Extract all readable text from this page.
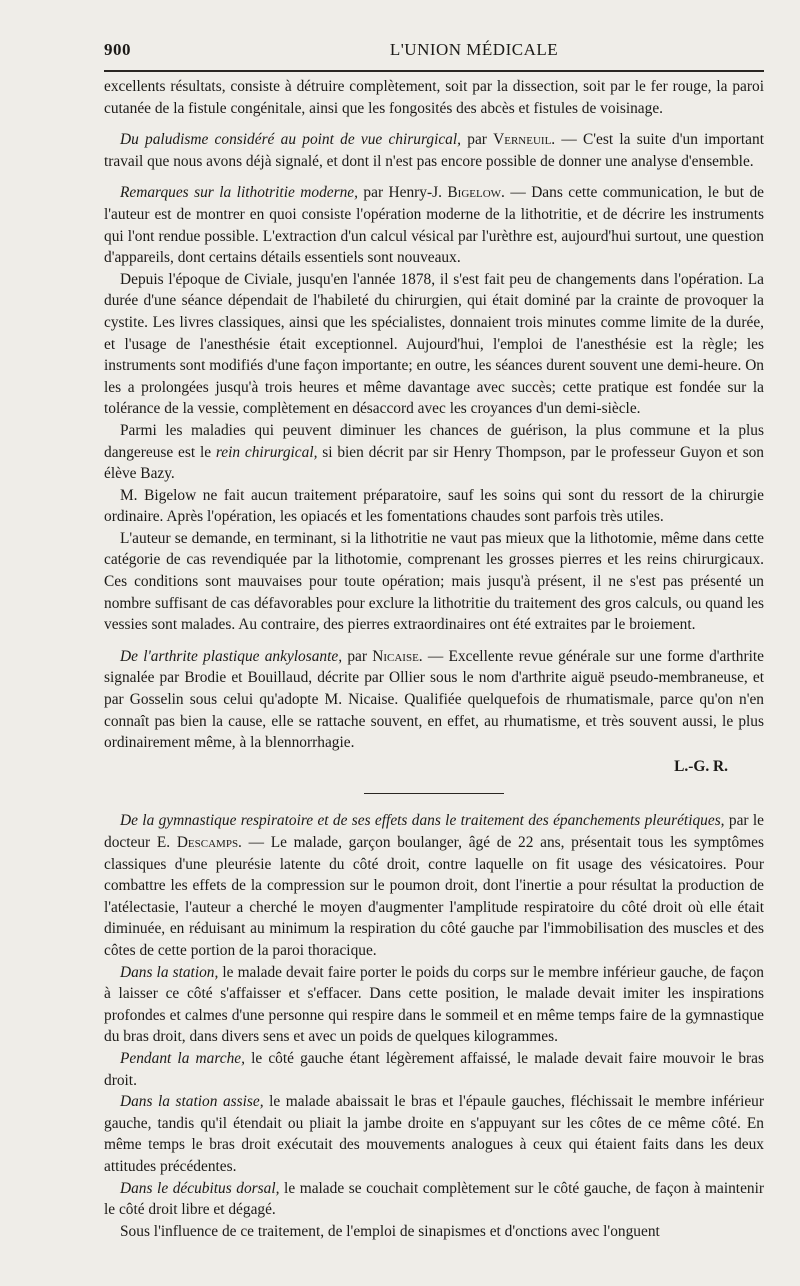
900	L'UNION MÉDICALE

excellents résultats, consiste à détruire complètement, soit par la dissection, soit par le fer rouge, la paroi cutanée de la fistule congénitale, ainsi que les fongosités des abcès et fistules de voisinage.

Du paludisme considéré au point de vue chirurgical, par Verneuil. — C'est la suite d'un important travail que nous avons déjà signalé, et dont il n'est pas encore possible de donner une analyse d'ensemble.

Remarques sur la lithotritie moderne, par Henry-J. Bigelow. — Dans cette communication, le but de l'auteur est de montrer en quoi consiste l'opération moderne de la lithotritie, et de décrire les instruments qui l'ont rendue possible. L'extraction d'un calcul vésical par l'urèthre est, aujourd'hui surtout, une question d'appareils, dont certains détails essentiels sont nouveaux.

Depuis l'époque de Civiale, jusqu'en l'année 1878, il s'est fait peu de changements dans l'opération. La durée d'une séance dépendait de l'habileté du chirurgien, qui était dominé par la crainte de provoquer la cystite. Les livres classiques, ainsi que les spécialistes, donnaient trois minutes comme limite de la durée, et l'usage de l'anesthésie était exceptionnel. Aujourd'hui, l'emploi de l'anesthésie est la règle; les instruments sont modifiés d'une façon importante; en outre, les séances durent souvent une demi-heure. On les a prolongées jusqu'à trois heures et même davantage avec succès; cette pratique est fondée sur la tolérance de la vessie, complètement en désaccord avec les croyances d'un demi-siècle.

Parmi les maladies qui peuvent diminuer les chances de guérison, la plus commune et la plus dangereuse est le rein chirurgical, si bien décrit par sir Henry Thompson, par le professeur Guyon et son élève Bazy.

M. Bigelow ne fait aucun traitement préparatoire, sauf les soins qui sont du ressort de la chirurgie ordinaire. Après l'opération, les opiacés et les fomentations chaudes sont parfois très utiles.

L'auteur se demande, en terminant, si la lithotritie ne vaut pas mieux que la lithotomie, même dans cette catégorie de cas revendiquée par la lithotomie, comprenant les grosses pierres et les reins chirurgicaux. Ces conditions sont mauvaises pour toute opération; mais jusqu'à présent, il ne s'est pas présenté un nombre suffisant de cas défavorables pour exclure la lithotritie du traitement des gros calculs, ou quand les vessies sont malades. Au contraire, des pierres extraordinaires ont été extraites par le broiement.

De l'arthrite plastique ankylosante, par Nicaise. — Excellente revue générale sur une forme d'arthrite signalée par Brodie et Bouillaud, décrite par Ollier sous le nom d'arthrite aiguë pseudo-membraneuse, et par Gosselin sous celui qu'adopte M. Nicaise. Qualifiée quelquefois de rhumatismale, parce qu'on n'en connaît pas bien la cause, elle se rattache souvent, en effet, au rhumatisme, et très souvent aussi, le plus ordinairement même, à la blennorrhagie.

L.-G. R.

De la gymnastique respiratoire et de ses effets dans le traitement des épanchements pleurétiques, par le docteur E. Descamps. — Le malade, garçon boulanger, âgé de 22 ans, présentait tous les symptômes classiques d'une pleurésie latente du côté droit, contre laquelle on fit usage des vésicatoires. Pour combattre les effets de la compression sur le poumon droit, dont l'inertie a pour résultat la production de l'atélectasie, l'auteur a cherché le moyen d'augmenter l'amplitude respiratoire du côté droit où elle était diminuée, en réduisant au minimum la respiration du côté gauche par l'immobilisation des muscles et des côtes de cette portion de la paroi thoracique.

Dans la station, le malade devait faire porter le poids du corps sur le membre inférieur gauche, de façon à laisser ce côté s'affaisser et s'effacer. Dans cette position, le malade devait imiter les inspirations profondes et calmes d'une personne qui respire dans le sommeil et en même temps faire de la gymnastique du bras droit, dans divers sens et avec un poids de quelques kilogrammes.

Pendant la marche, le côté gauche étant légèrement affaissé, le malade devait faire mouvoir le bras droit.

Dans la station assise, le malade abaissait le bras et l'épaule gauches, fléchissait le membre inférieur gauche, tandis qu'il étendait ou pliait la jambe droite en s'appuyant sur les côtes de ce même côté. En même temps le bras droit exécutait des mouvements analogues à ceux qui étaient faits dans les deux attitudes précédentes.

Dans le décubitus dorsal, le malade se couchait complètement sur le côté gauche, de façon à maintenir le côté droit libre et dégagé.

Sous l'influence de ce traitement, de l'emploi de sinapismes et d'onctions avec l'onguent
